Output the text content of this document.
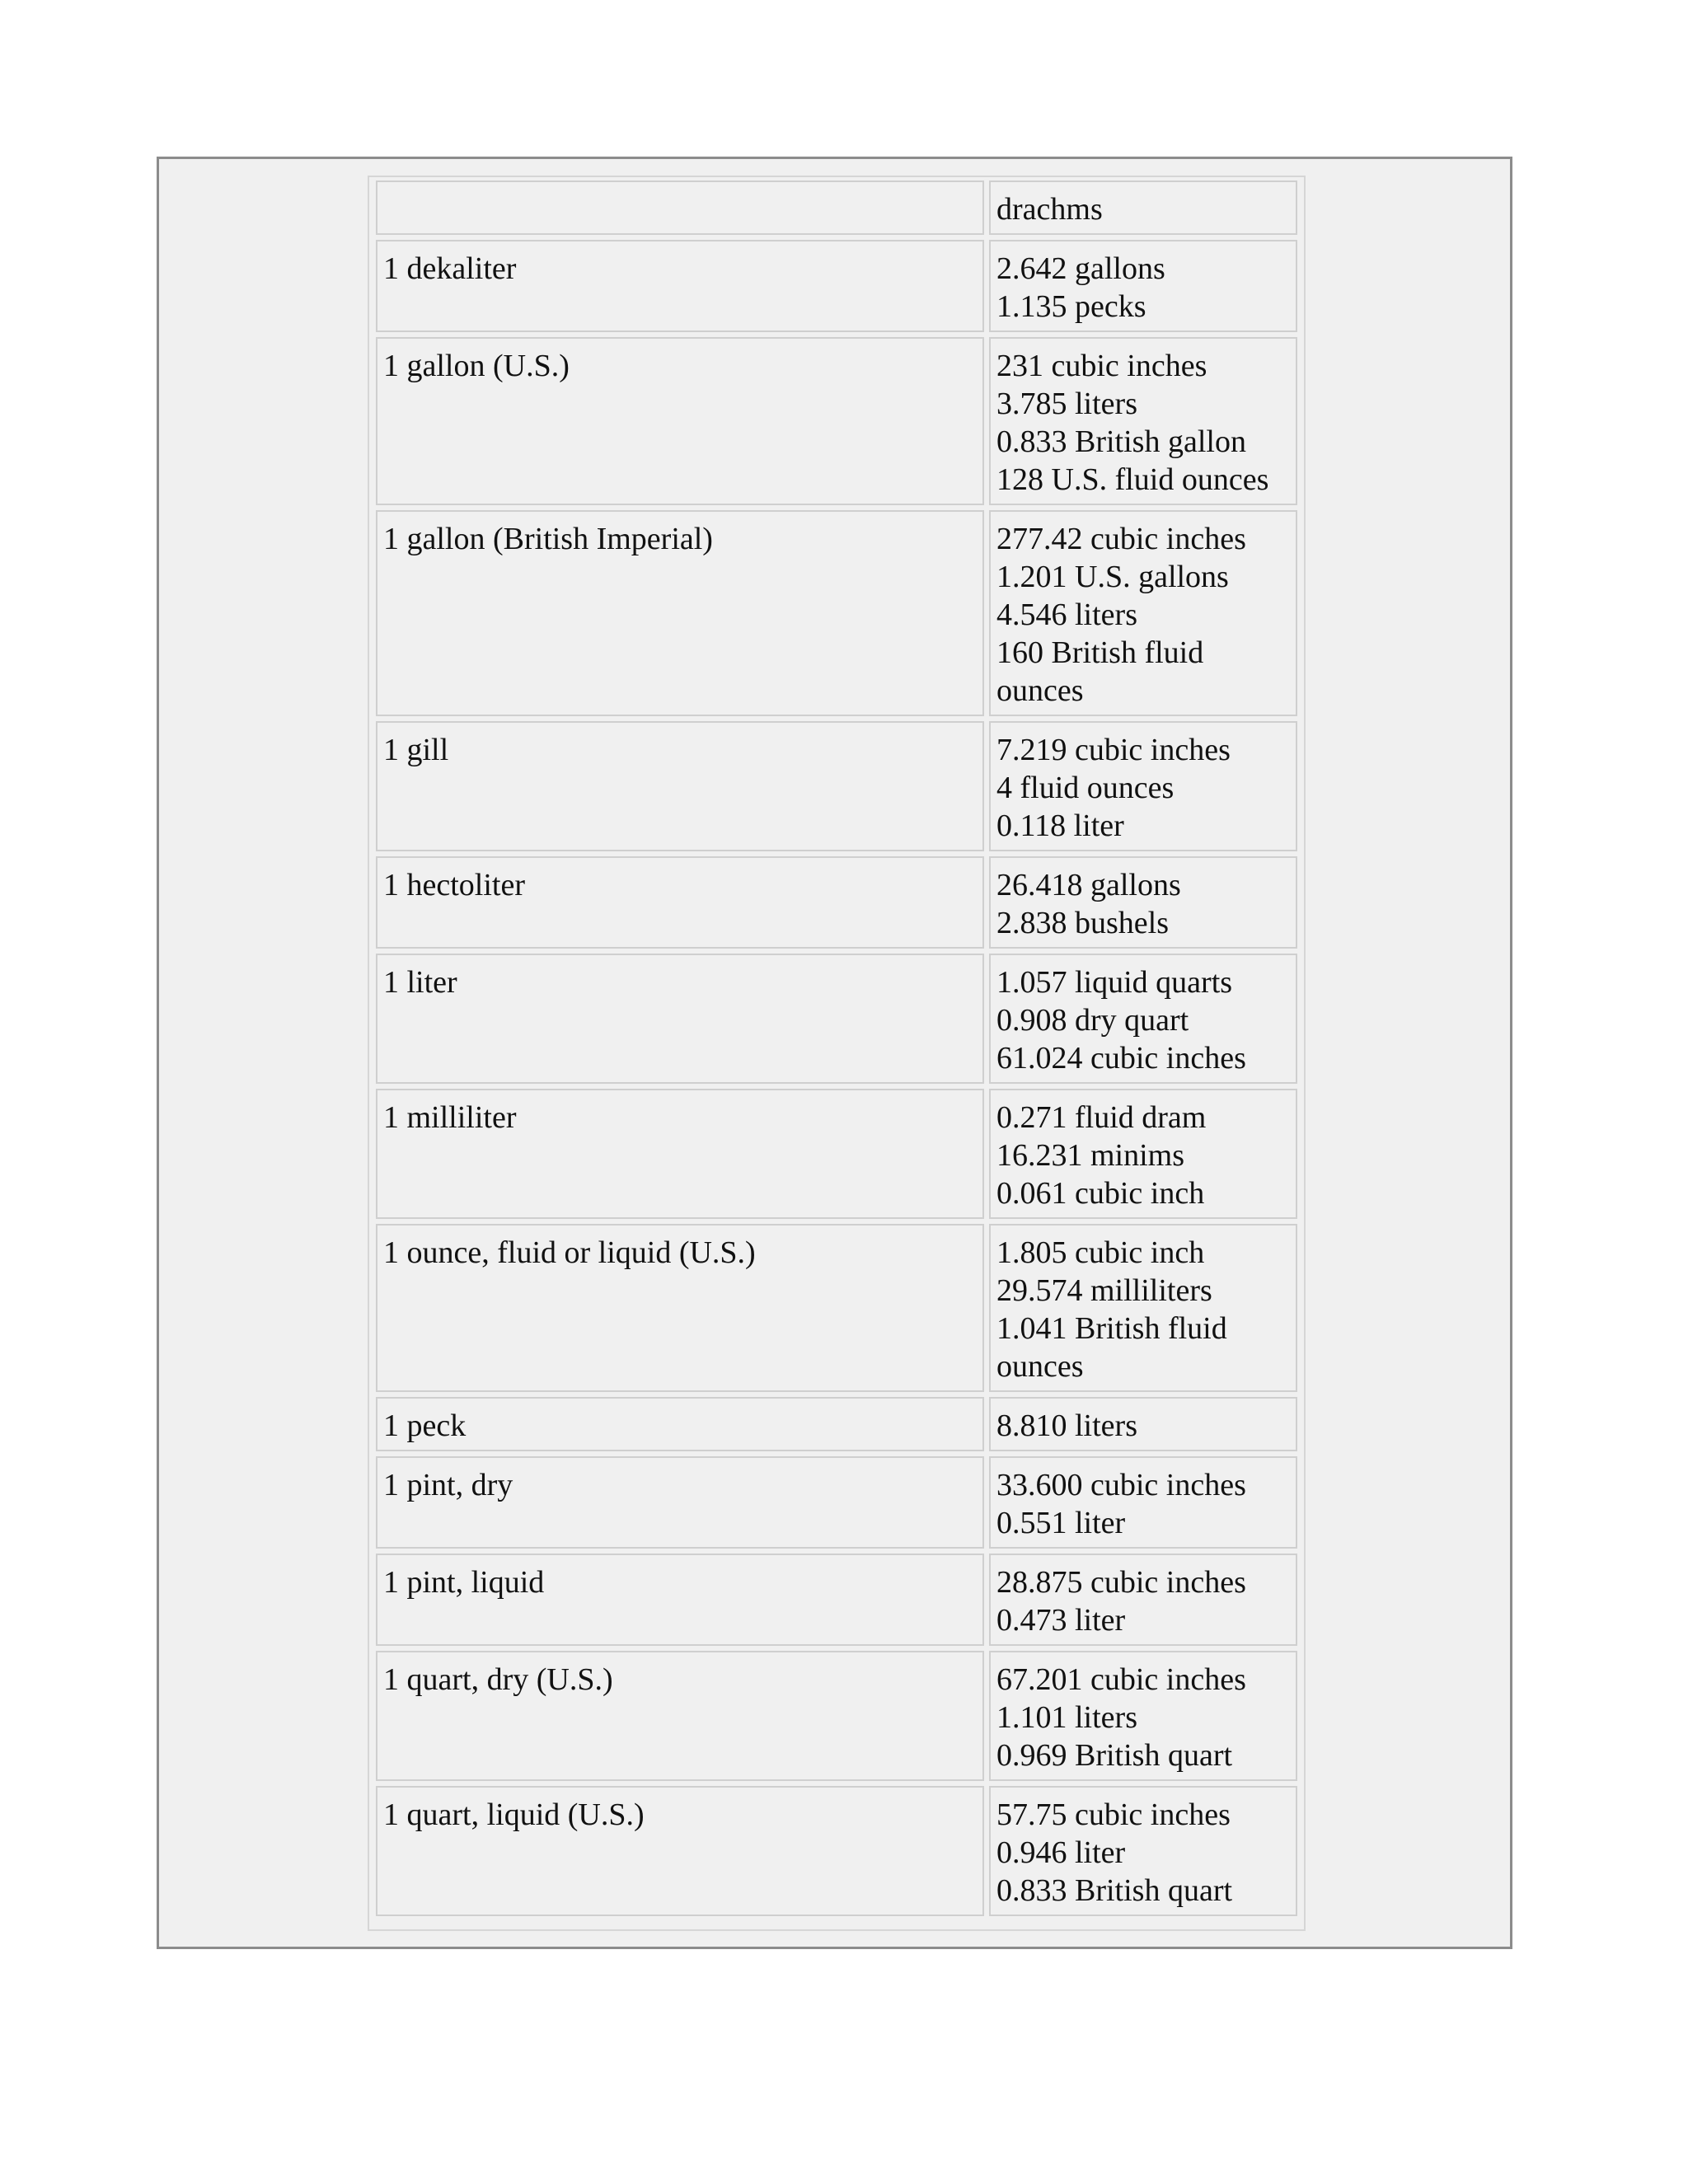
	drachms

1 dekaliter	2.642 gallons
1.135 pecks

1 gallon (U.S.)	231 cubic inches
3.785 liters
0.833 British gallon
128 U.S. fluid ounces

1 gallon (British Imperial)	277.42 cubic inches
1.201 U.S. gallons
4.546 liters
160 British fluid
ounces

1 gill	7.219 cubic inches
4 fluid ounces
0.118 liter

1 hectoliter	26.418 gallons
2.838 bushels

1 liter	1.057 liquid quarts
0.908 dry quart
61.024 cubic inches

1 milliliter	0.271 fluid dram
16.231 minims
0.061 cubic inch

1 ounce, fluid or liquid (U.S.)	1.805 cubic inch
29.574 milliliters
1.041 British fluid
ounces

1 peck	8.810 liters

1 pint, dry	33.600 cubic inches
0.551 liter

1 pint, liquid	28.875 cubic inches
0.473 liter

1 quart, dry (U.S.)	67.201 cubic inches
1.101 liters
0.969 British quart

1 quart, liquid (U.S.)	57.75 cubic inches
0.946 liter
0.833 British quart
